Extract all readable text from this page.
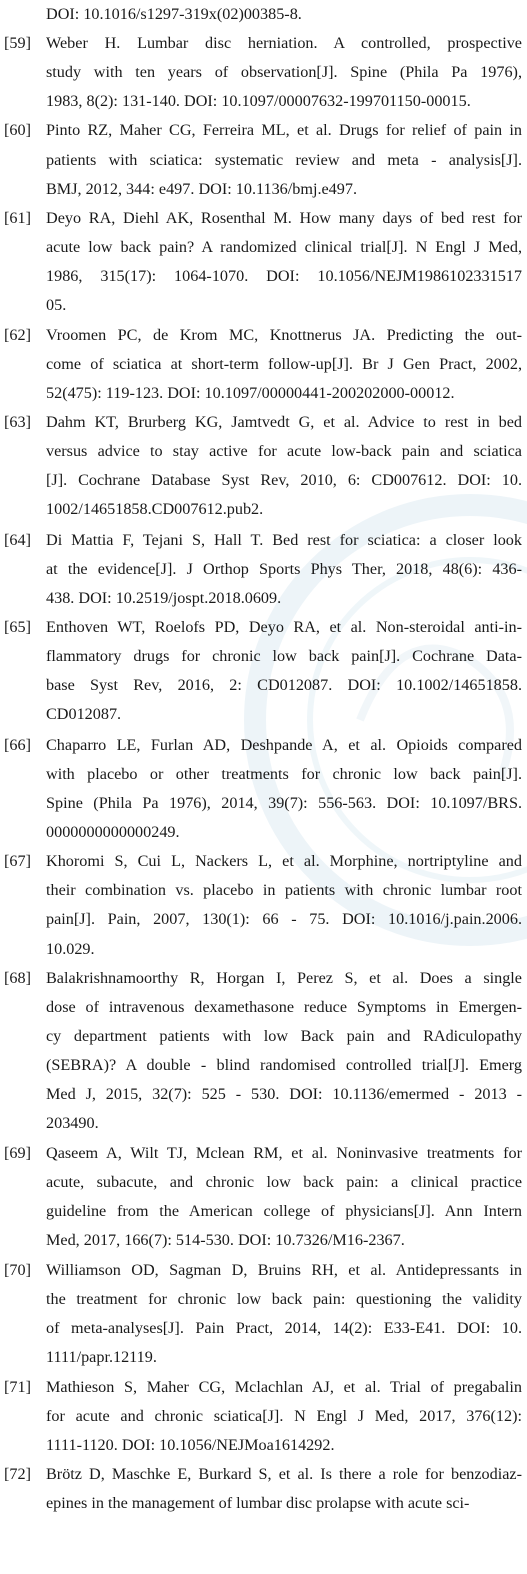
DOI: 10.1016/s1297-319x(02)00385-8.
[59] Weber H. Lumbar disc herniation. A controlled, prospective
study with ten years of observation[J]. Spine (Phila Pa 1976),
1983, 8(2): 131-140. DOI: 10.1097/00007632-199701150-00015.
[60] Pinto RZ, Maher CG, Ferreira ML, et al. Drugs for relief of pain in
patients with sciatica: systematic review and meta - analysis[J].
BMJ, 2012, 344: e497. DOI: 10.1136/bmj.e497.
[61] Deyo RA, Diehl AK, Rosenthal M. How many days of bed rest for
acute low back pain? A randomized clinical trial[J]. N Engl J Med,
1986, 315(17): 1064-1070. DOI: 10.1056/NEJM1986102331517
05.
[62] Vroomen PC, de Krom MC, Knottnerus JA. Predicting the out-
come of sciatica at short-term follow-up[J]. Br J Gen Pract, 2002,
52(475): 119-123. DOI: 10.1097/00000441-200202000-00012.
[63] Dahm KT, Brurberg KG, Jamtvedt G, et al. Advice to rest in bed
versus advice to stay active for acute low-back pain and sciatica
[J]. Cochrane Database Syst Rev, 2010, 6: CD007612. DOI: 10.
1002/14651858.CD007612.pub2.
[64] Di Mattia F, Tejani S, Hall T. Bed rest for sciatica: a closer look
at the evidence[J]. J Orthop Sports Phys Ther, 2018, 48(6): 436-
438. DOI: 10.2519/jospt.2018.0609.
[65] Enthoven WT, Roelofs PD, Deyo RA, et al. Non-steroidal anti-in-
flammatory drugs for chronic low back pain[J]. Cochrane Data-
base Syst Rev, 2016, 2: CD012087. DOI: 10.1002/14651858.
CD012087.
[66] Chaparro LE, Furlan AD, Deshpande A, et al. Opioids compared
with placebo or other treatments for chronic low back pain[J].
Spine (Phila Pa 1976), 2014, 39(7): 556-563. DOI: 10.1097/BRS.
0000000000000249.
[67] Khoromi S, Cui L, Nackers L, et al. Morphine, nortriptyline and
their combination vs. placebo in patients with chronic lumbar root
pain[J]. Pain, 2007, 130(1): 66 - 75. DOI: 10.1016/j.pain.2006.
10.029.
[68] Balakrishnamoorthy R, Horgan I, Perez S, et al. Does a single
dose of intravenous dexamethasone reduce Symptoms in Emergen-
cy department patients with low Back pain and RAdiculopathy
(SEBRA)? A double - blind randomised controlled trial[J]. Emerg
Med J, 2015, 32(7): 525 - 530. DOI: 10.1136/emermed - 2013 -
203490.
[69] Qaseem A, Wilt TJ, Mclean RM, et al. Noninvasive treatments for
acute, subacute, and chronic low back pain: a clinical practice
guideline from the American college of physicians[J]. Ann Intern
Med, 2017, 166(7): 514-530. DOI: 10.7326/M16-2367.
[70] Williamson OD, Sagman D, Bruins RH, et al. Antidepressants in
the treatment for chronic low back pain: questioning the validity
of meta-analyses[J]. Pain Pract, 2014, 14(2): E33-E41. DOI: 10.
1111/papr.12119.
[71] Mathieson S, Maher CG, Mclachlan AJ, et al. Trial of pregabalin
for acute and chronic sciatica[J]. N Engl J Med, 2017, 376(12):
1111-1120. DOI: 10.1056/NEJMoa1614292.
[72] Brötz D, Maschke E, Burkard S, et al. Is there a role for benzodiaz-
epines in the management of lumbar disc prolapse with acute sci-
